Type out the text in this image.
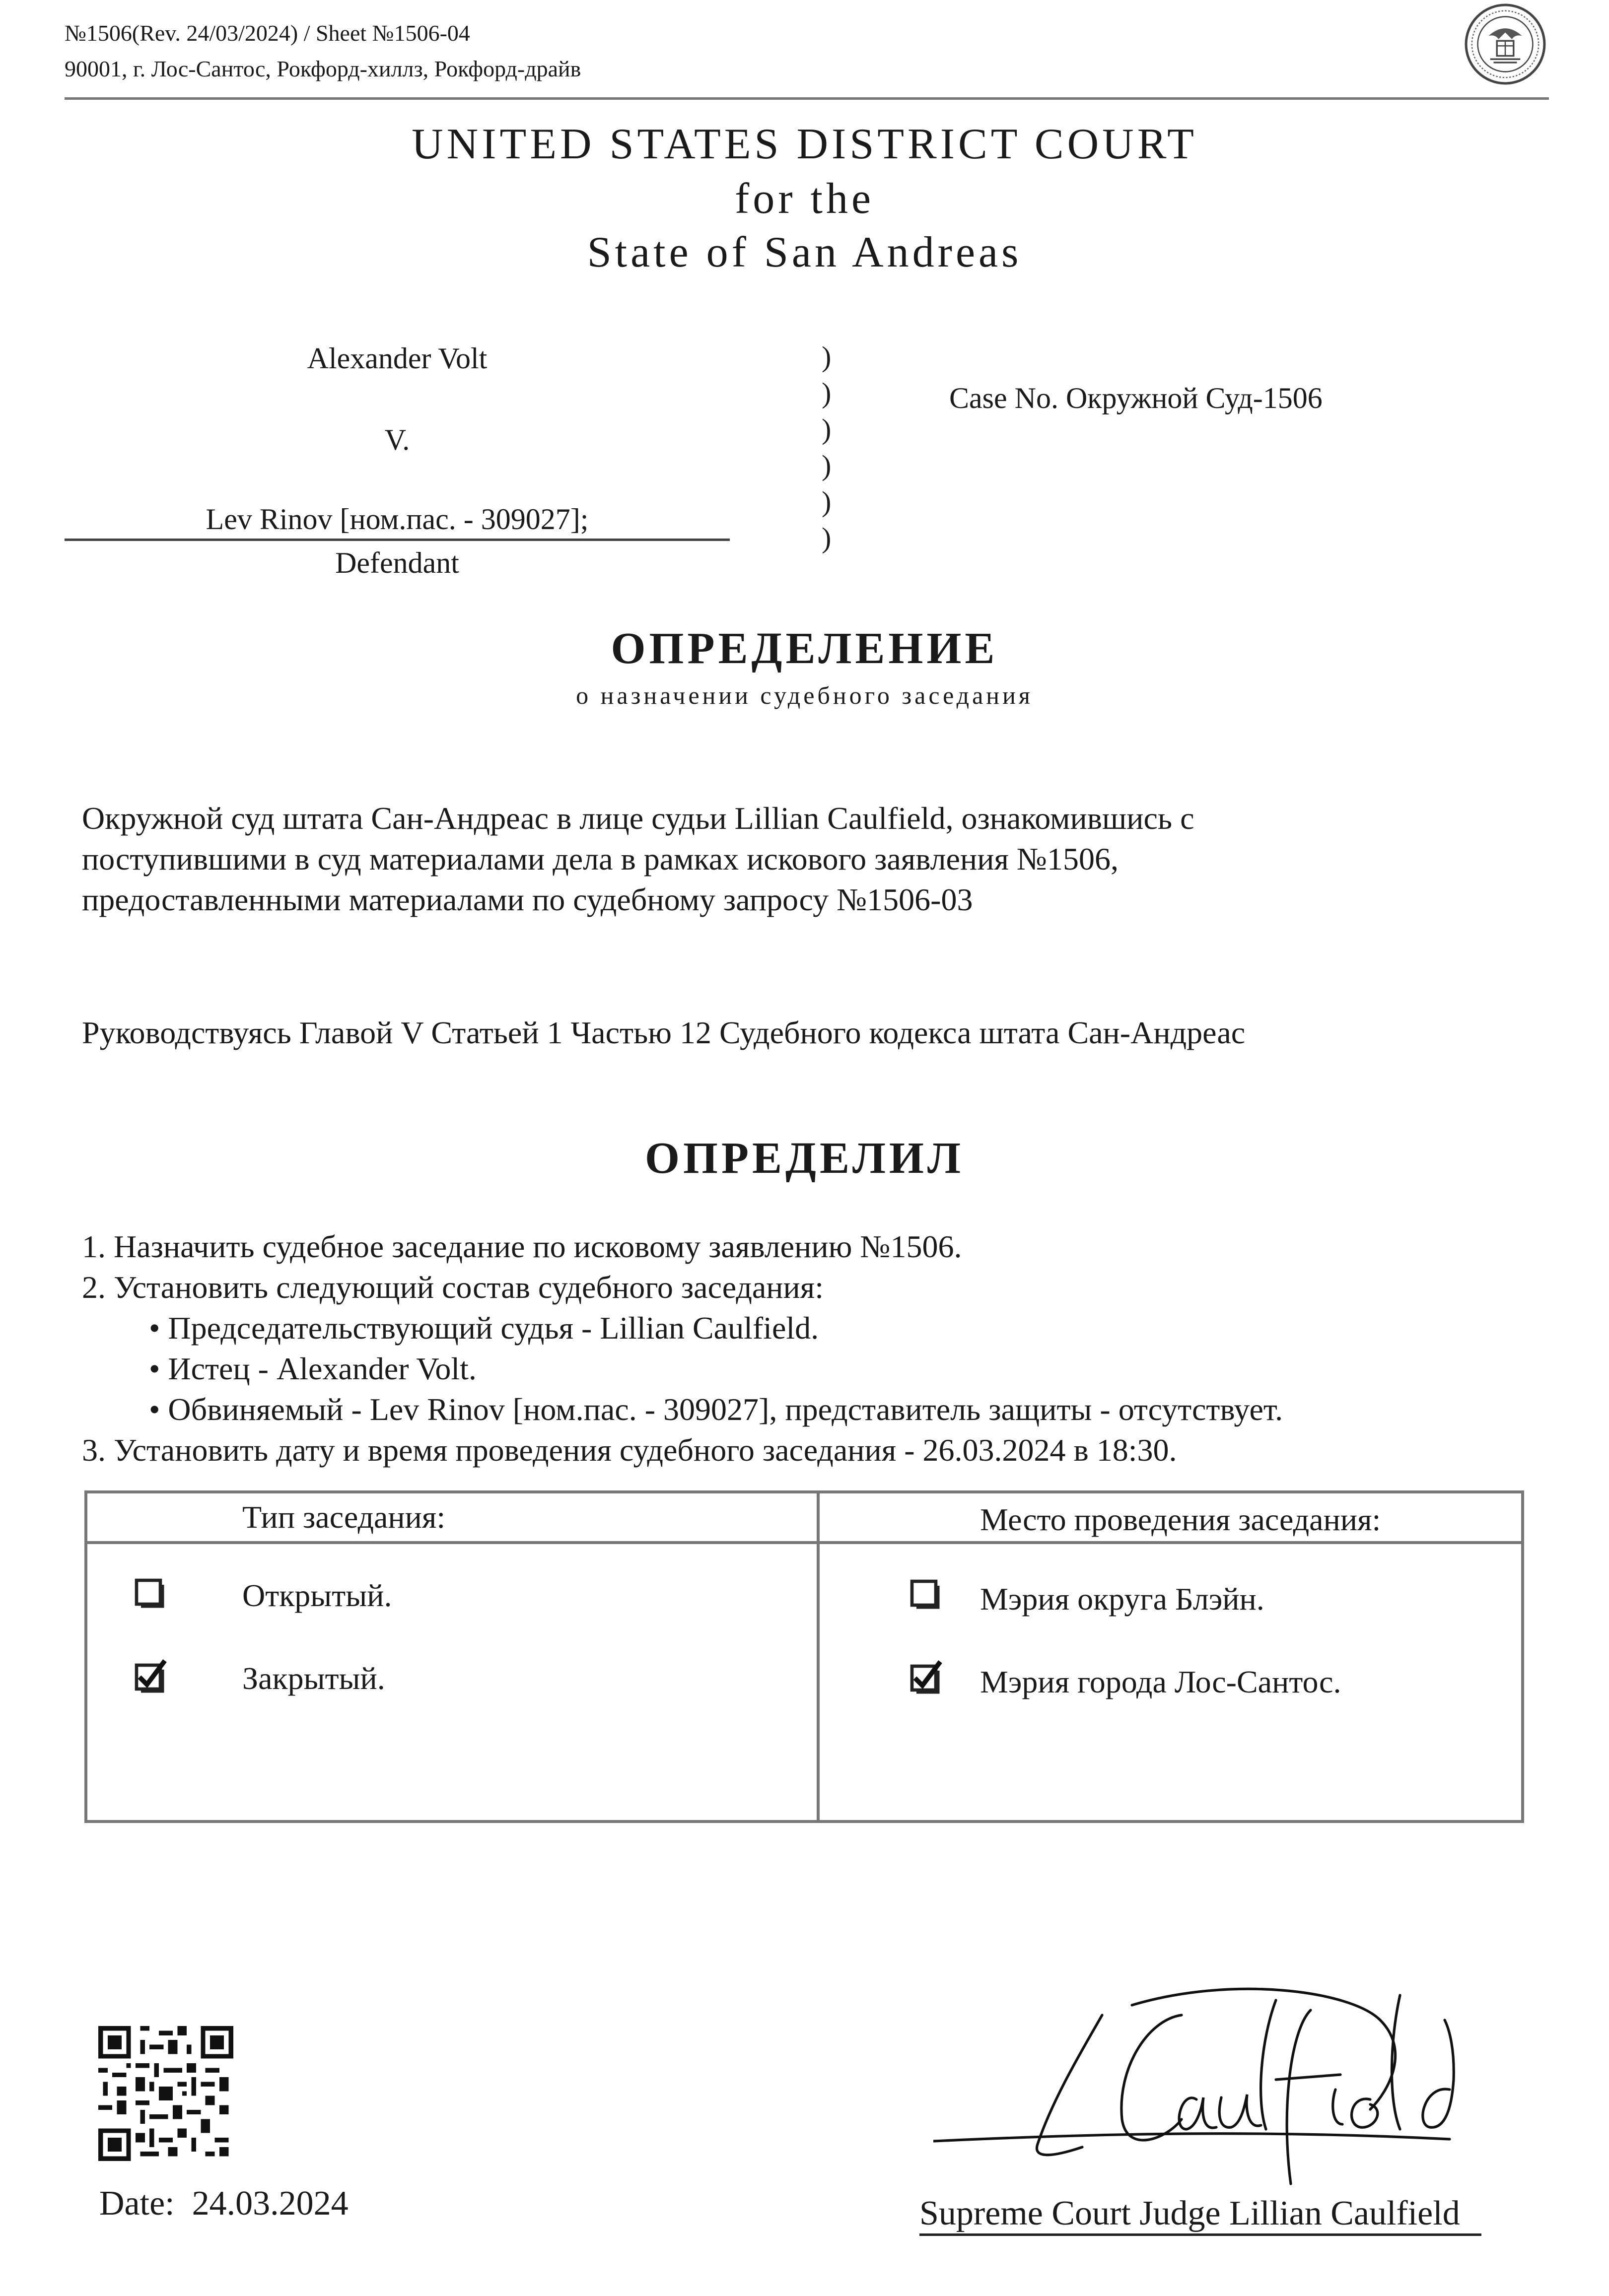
№1506(Rev. 24/03/2024) / Sheet №1506-04
90001, г. Лос-Сантос, Рокфорд-хиллз, Рокфорд-драйв
UNITED STATES DISTRICT COURT
for the
State of San Andreas
Alexander Volt
V.
Lev Rinov [ном.пас. - 309027];
Defendant
)
)
)
)
)
)
Case No. Окружной Суд-1506
ОПРЕДЕЛЕНИЕ
о назначении судебного заседания
Окружной суд штата Сан-Андреас в лице судьи Lillian Caulfield, ознакомившись с
поступившими в суд материалами дела в рамках искового заявления №1506,
предоставленными материалами по судебному запросу №1506-03
Руководствуясь Главой V Статьей 1 Частью 12 Судебного кодекса штата Сан-Андреас
ОПРЕДЕЛИЛ
1. Назначить судебное заседание по исковому заявлению №1506.
2. Установить следующий состав судебного заседания:
• Председательствующий судья - Lillian Caulfield.
• Истец - Alexander Volt.
• Обвиняемый - Lev Rinov [ном.пас. - 309027], представитель защиты - отсутствует.
3. Установить дату и время проведения судебного заседания - 26.03.2024 в 18:30.
Тип заседания:	Место проведения заседания:
Открытый.
Закрытый.
Мэрия округа Блэйн.
Мэрия города Лос-Сантос.
Date: 24.03.2024	Supreme Court Judge Lillian Caulfield
